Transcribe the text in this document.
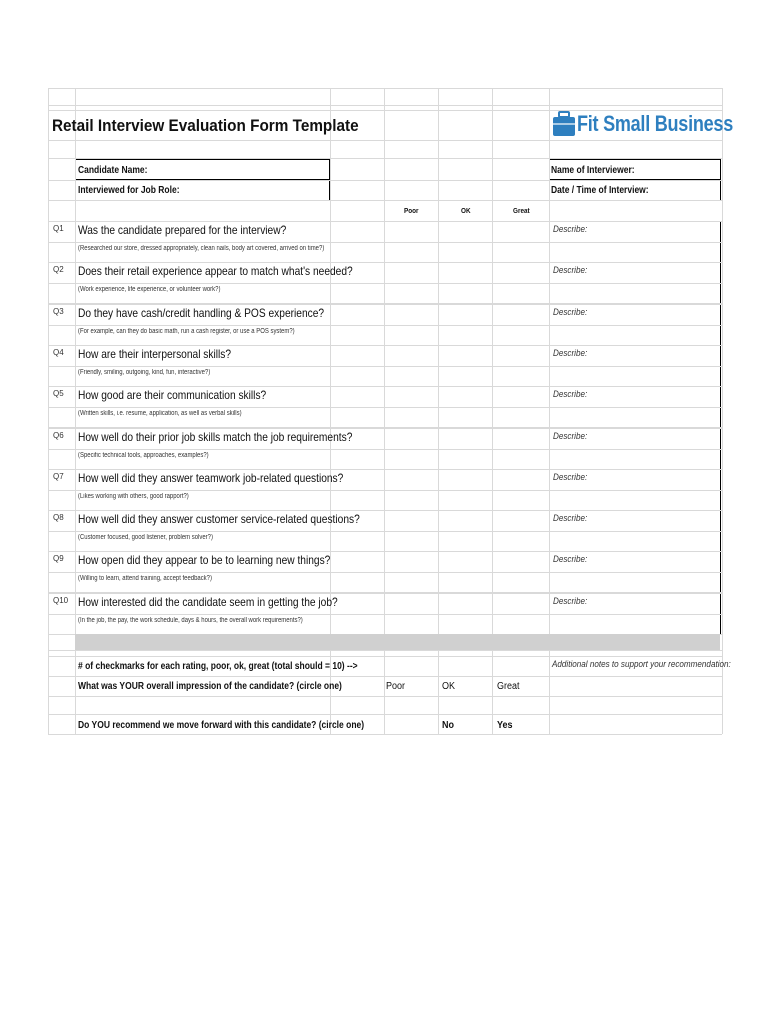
Retail Interview Evaluation Form Template	Fit Small Business
Candidate Name:
Interviewed for Job Role:
Name of Interviewer:
Date / Time of Interview:
Poor	OK	Great
Q1 Was the candidate prepared for the interview?
(Researched our store, dressed appropriately, clean nails, body art covered, arrived on time?)
Describe:
Q2 Does their retail experience appear to match what's needed?
(Work experience, life experience, or volunteer work?)
Describe:
Q3 Do they have cash/credit handling & POS experience?
(For example, can they do basic math, run a cash register, or use a POS system?)
Describe:
Q4 How are their interpersonal skills?
(Friendly, smiling, outgoing, kind, fun, interactive?)
Describe:
Q5 How good are their communication skills?
(Written skills, i.e. resume, application, as well as verbal skills)
Describe:
Q6 How well do their prior job skills match the job requirements?
(Specific technical tools, approaches, examples?)
Describe:
Q7 How well did they answer teamwork job-related questions?
(Likes working with others, good rapport?)
Describe:
Q8 How well did they answer customer service-related questions?
(Customer focused, good listener, problem solver?)
Describe:
Q9 How open did they appear to be to learning new things?
(Willing to learn, attend training, accept feedback?)
Describe:
Q10 How interested did the candidate seem in getting the job?
(In the job, the pay, the work schedule, days & hours, the overall work requirements?)
Describe:
# of checkmarks for each rating, poor, ok, great (total should = 10) -->	Additional notes to support your recommendation:
What was YOUR overall impression of the candidate? (circle one)	Poor	OK	Great
Do YOU recommend we move forward with this candidate? (circle one)	No	Yes
